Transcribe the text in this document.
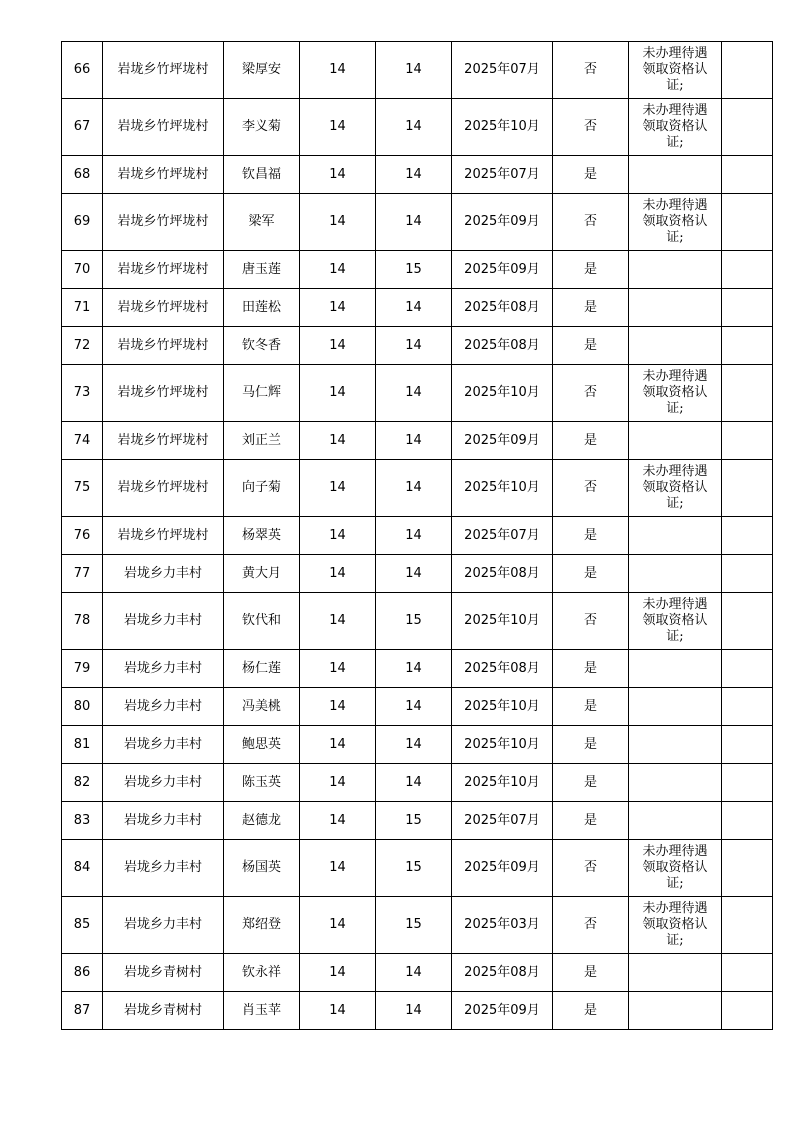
66	岩垅乡竹坪垅村	梁厚安	14	14	2025年07月	否	未办理待遇
领取资格认
证;	

67	岩垅乡竹坪垅村	李义菊	14	14	2025年10月	否	未办理待遇
领取资格认
证;	

68	岩垅乡竹坪垅村	钦昌福	14	14	2025年07月	是	

69	岩垅乡竹坪垅村	梁军	14	14	2025年09月	否	未办理待遇
领取资格认
证;	

70	岩垅乡竹坪垅村	唐玉莲	14	15	2025年09月	是	

71	岩垅乡竹坪垅村	田莲松	14	14	2025年08月	是	

72	岩垅乡竹坪垅村	钦冬香	14	14	2025年08月	是	

73	岩垅乡竹坪垅村	马仁辉	14	14	2025年10月	否	未办理待遇
领取资格认
证;	

74	岩垅乡竹坪垅村	刘正兰	14	14	2025年09月	是	

75	岩垅乡竹坪垅村	向子菊	14	14	2025年10月	否	未办理待遇
领取资格认
证;	

76	岩垅乡竹坪垅村	杨翠英	14	14	2025年07月	是	

77	岩垅乡力丰村	黄大月	14	14	2025年08月	是	

78	岩垅乡力丰村	钦代和	14	15	2025年10月	否	未办理待遇
领取资格认
证;	

79	岩垅乡力丰村	杨仁莲	14	14	2025年08月	是	

80	岩垅乡力丰村	冯美桃	14	14	2025年10月	是	

81	岩垅乡力丰村	鲍思英	14	14	2025年10月	是	

82	岩垅乡力丰村	陈玉英	14	14	2025年10月	是	

83	岩垅乡力丰村	赵德龙	14	15	2025年07月	是	

84	岩垅乡力丰村	杨国英	14	15	2025年09月	否	未办理待遇
领取资格认
证;	

85	岩垅乡力丰村	郑绍登	14	15	2025年03月	否	未办理待遇
领取资格认
证;	

86	岩垅乡青树村	钦永祥	14	14	2025年08月	是	

87	岩垅乡青树村	肖玉苹	14	14	2025年09月	是	
